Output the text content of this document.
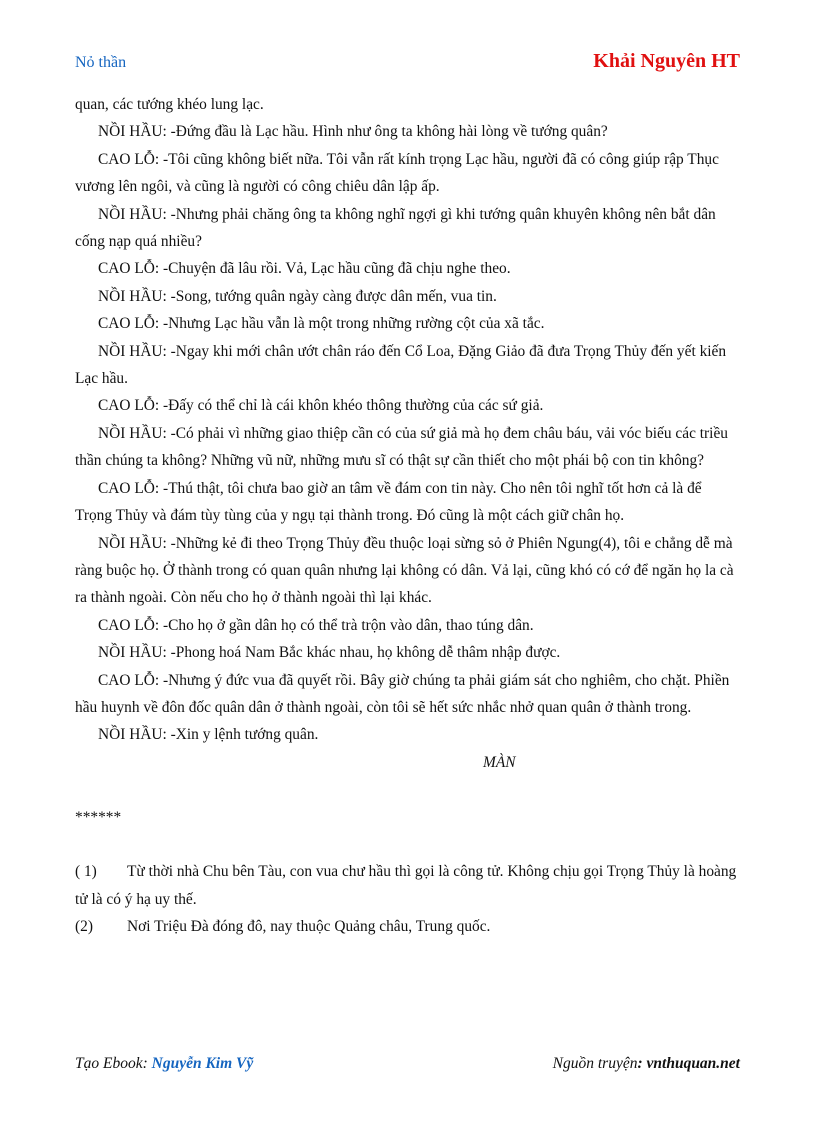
Nỏ thần	Khải Nguyên HT

quan, các tướng khéo lung lạc.

NỒI HẦU: -Đứng đầu là Lạc hầu. Hình như ông ta không hài lòng về tướng quân?

CAO LỖ: -Tôi cũng không biết nữa. Tôi vẫn rất kính trọng Lạc hầu, người đã có công giúp rập Thục vương lên ngôi, và cũng là người có công chiêu dân lập ấp.

NỒI HẦU: -Nhưng phải chăng ông ta không nghĩ ngợi gì khi tướng quân khuyên không nên bắt dân cống nạp quá nhiều?

CAO LỖ: -Chuyện đã lâu rồi. Vả, Lạc hầu cũng đã chịu nghe theo.

NỒI HẦU: -Song, tướng quân ngày càng được dân mến, vua tin.

CAO LỖ: -Nhưng Lạc hầu vẫn là một trong những rường cột của xã tắc.

NỒI HẦU: -Ngay khi mới chân ướt chân ráo đến Cổ Loa, Đặng Giảo đã đưa Trọng Thủy đến yết kiến Lạc hầu.

CAO LỖ: -Đấy có thể chỉ là cái khôn khéo thông thường của các sứ giả.

NỒI HẦU: -Có phải vì những giao thiệp cần có của sứ giả mà họ đem châu báu, vải vóc biếu các triều thần chúng ta không? Những vũ nữ, những mưu sĩ có thật sự cần thiết cho một phái bộ con tin không?

CAO LỖ: -Thú thật, tôi chưa bao giờ an tâm về đám con tin này. Cho nên tôi nghĩ tốt hơn cả là để Trọng Thủy và đám tùy tùng của y ngụ tại thành trong. Đó cũng là một cách giữ chân họ.

NỒI HẦU: -Những kẻ đi theo Trọng Thủy đều thuộc loại sừng sỏ ở Phiên Ngung(4), tôi e chẳng dễ mà ràng buộc họ. Ở thành trong có quan quân nhưng lại không có dân. Vả lại, cũng khó có cớ để ngăn họ la cà ra thành ngoài. Còn nếu cho họ ở thành ngoài thì lại khác.

CAO LỖ: -Cho họ ở gần dân họ có thể trà trộn vào dân, thao túng dân.

NỒI HẦU: -Phong hoá Nam Bắc khác nhau, họ không dễ thâm nhập được.

CAO LỖ: -Nhưng ý đức vua đã quyết rồi. Bây giờ chúng ta phải giám sát cho nghiêm, cho chặt. Phiền hầu huynh về đôn đốc quân dân ở thành ngoài, còn tôi sẽ hết sức nhắc nhở quan quân ở thành trong.

NỒI HẦU: -Xin y lệnh tướng quân.

MÀN

******

( 1) Từ thời nhà Chu bên Tàu, con vua chư hầu thì gọi là công tử. Không chịu gọi Trọng Thủy là hoàng tử là có ý hạ uy thế.

(2) Nơi Triệu Đà đóng đô, nay thuộc Quảng châu, Trung quốc.

Tạo Ebook: Nguyễn Kim Vỹ	Nguồn truyện: vnthuquan.net
